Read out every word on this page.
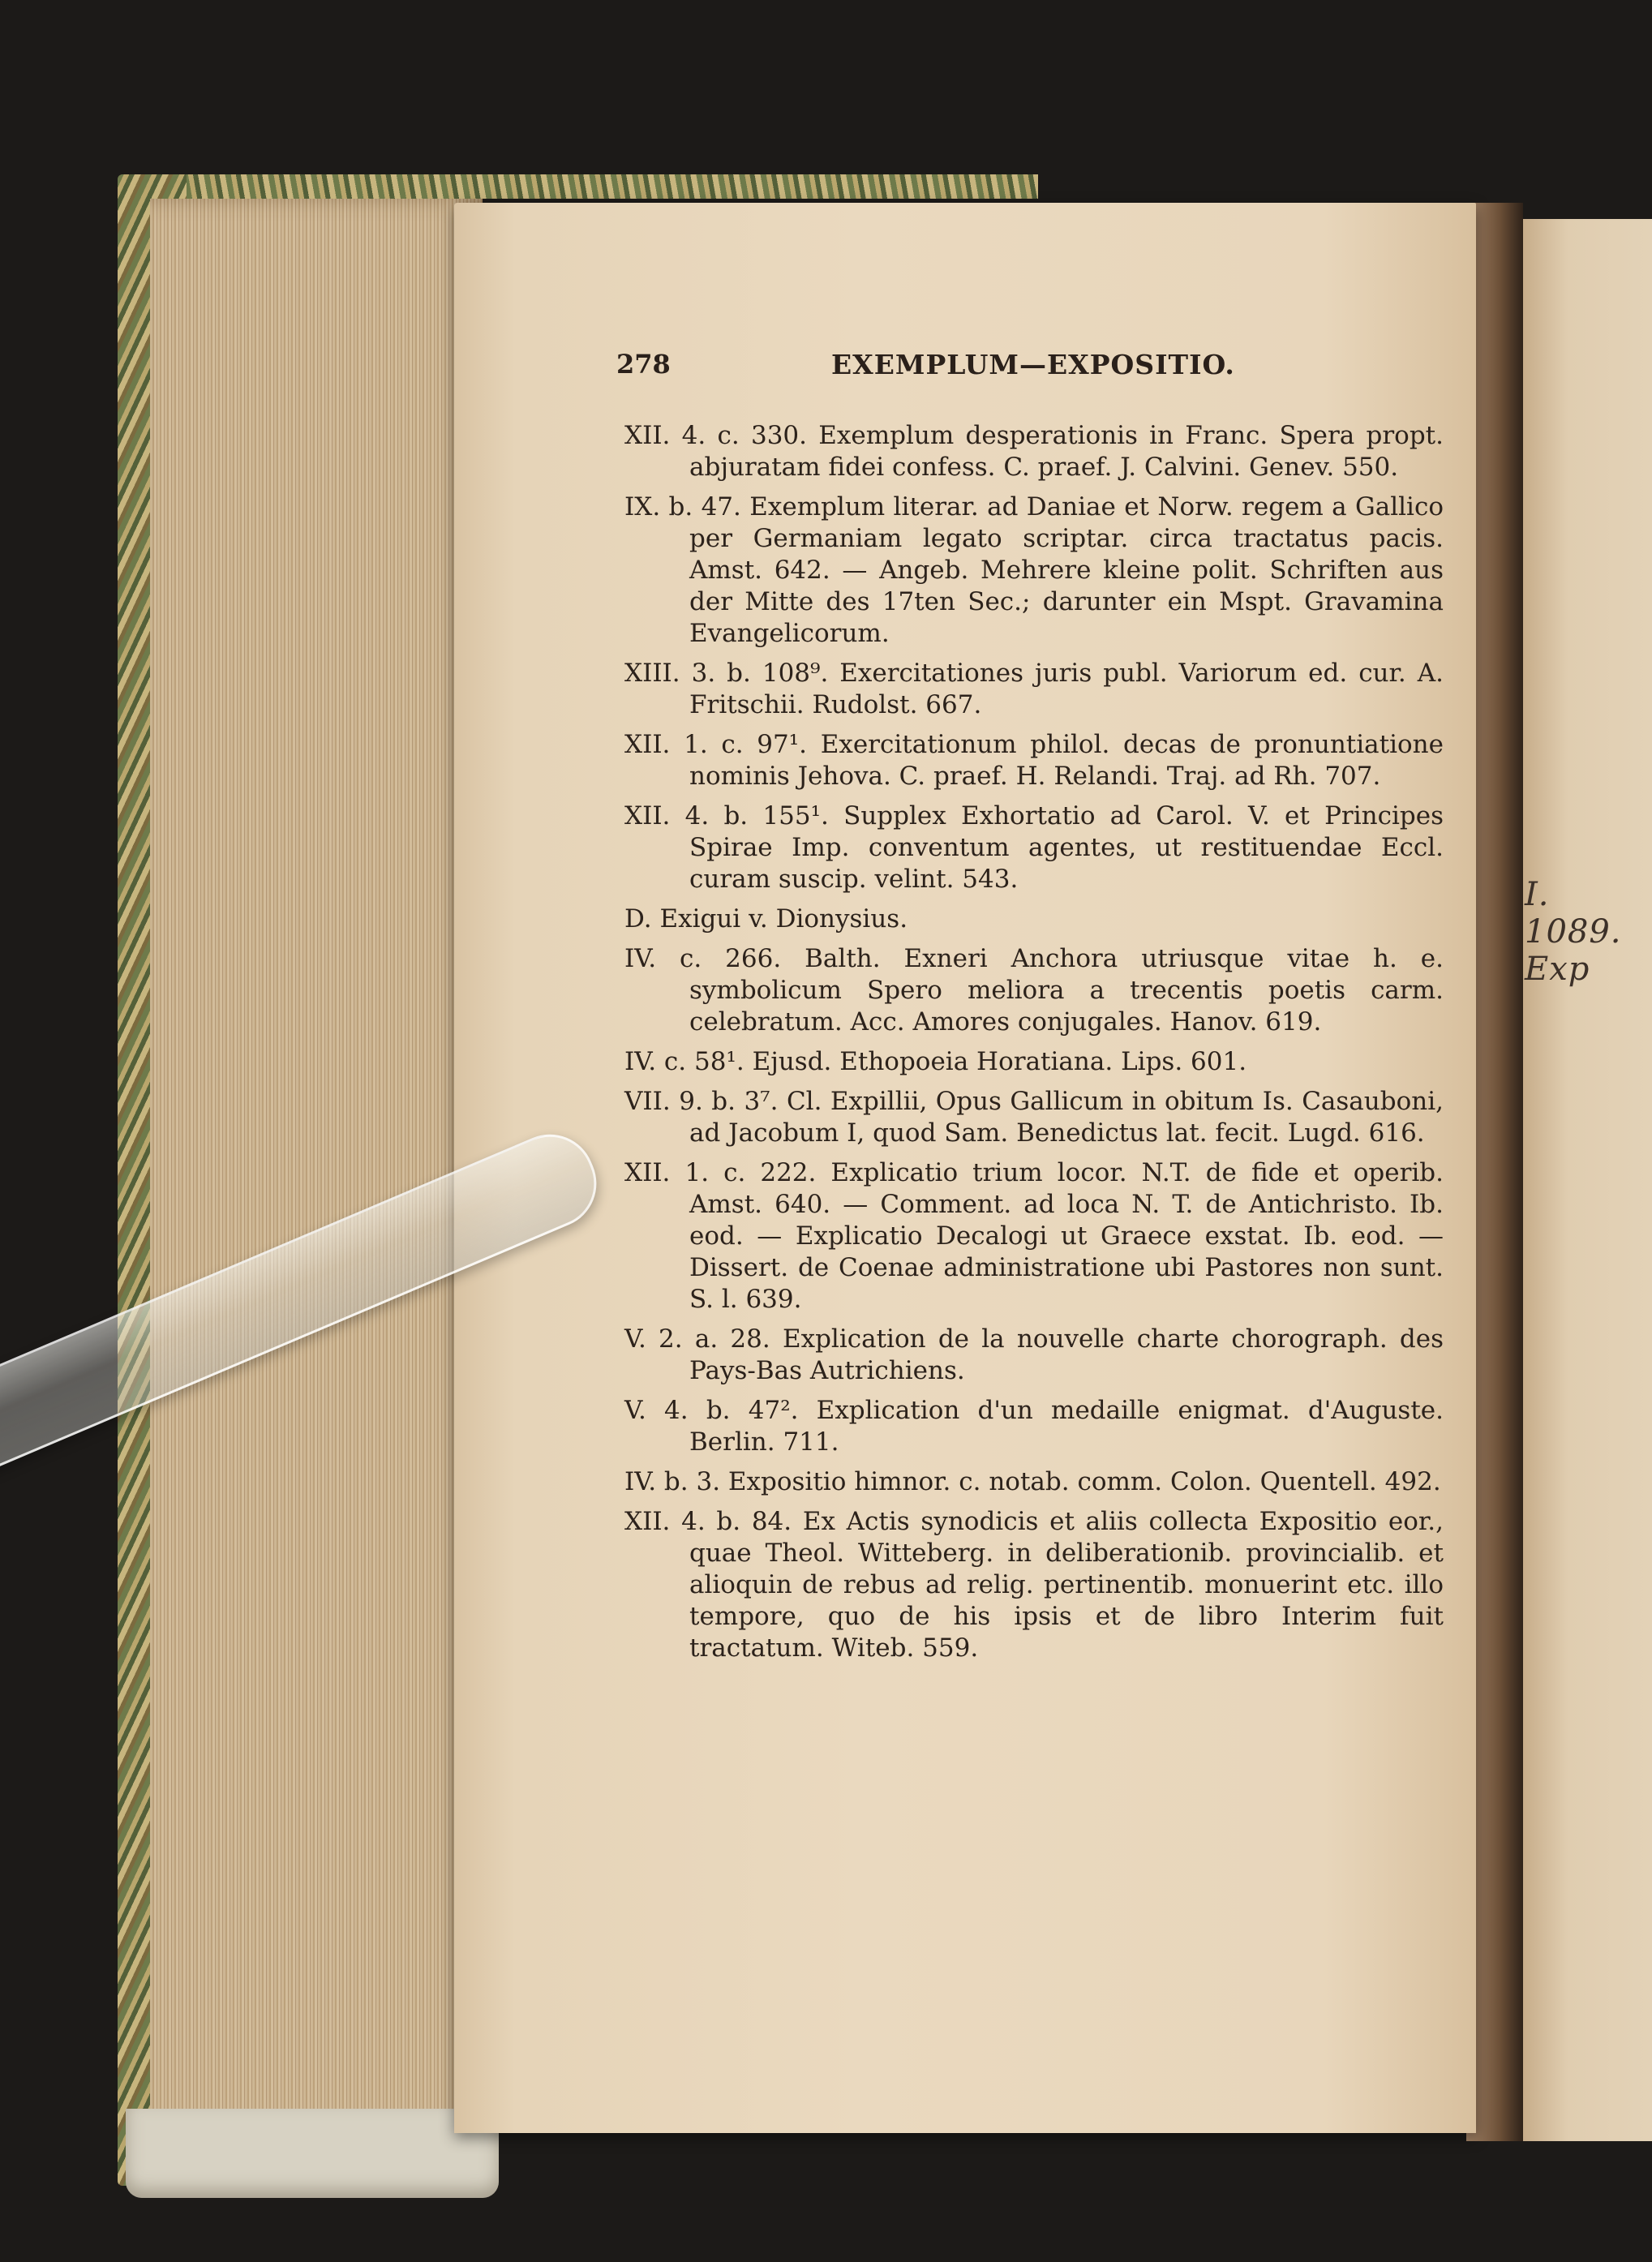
I. 1089. Exp
278	EXEMPLUM—EXPOSITIO.

XII. 4. c. 330. Exemplum desperationis in Franc. Spera propt. abjuratam fidei confess. C. praef. J. Calvini. Genev. 550.

IX. b. 47. Exemplum literar. ad Daniae et Norw. regem a Gallico per Germaniam legato scriptar. circa tractatus pacis. Amst. 642. — Angeb. Mehrere kleine polit. Schriften aus der Mitte des 17ten Sec.; darunter ein Mspt. Gravamina Evangelicorum.

XIII. 3. b. 108⁹. Exercitationes juris publ. Variorum ed. cur. A. Fritschii. Rudolst. 667.

XII. 1. c. 97¹. Exercitationum philol. decas de pronuntiatione nominis Jehova. C. praef. H. Relandi. Traj. ad Rh. 707.

XII. 4. b. 155¹. Supplex Exhortatio ad Carol. V. et Principes Spirae Imp. conventum agentes, ut restituendae Eccl. curam suscip. velint. 543.

D. Exigui v. Dionysius.

IV. c. 266. Balth. Exneri Anchora utriusque vitae h. e. symbolicum Spero meliora a trecentis poetis carm. celebratum. Acc. Amores conjugales. Hanov. 619.

IV. c. 58¹. Ejusd. Ethopoeia Horatiana. Lips. 601.

VII. 9. b. 3⁷. Cl. Expillii, Opus Gallicum in obitum Is. Casauboni, ad Jacobum I, quod Sam. Benedictus lat. fecit. Lugd. 616.

XII. 1. c. 222. Explicatio trium locor. N.T. de fide et operib. Amst. 640. — Comment. ad loca N. T. de Antichristo. Ib. eod. — Explicatio Decalogi ut Graece exstat. Ib. eod. — Dissert. de Coenae administratione ubi Pastores non sunt. S. l. 639.

V. 2. a. 28. Explication de la nouvelle charte chorograph. des Pays-Bas Autrichiens.

V. 4. b. 47². Explication d'un medaille enigmat. d'Auguste. Berlin. 711.

IV. b. 3. Expositio himnor. c. notab. comm. Colon. Quentell. 492.

XII. 4. b. 84. Ex Actis synodicis et aliis collecta Expositio eor., quae Theol. Witteberg. in deliberationib. provincialib. et alioquin de rebus ad relig. pertinentib. monuerint etc. illo tempore, quo de his ipsis et de libro Interim fuit tractatum. Witeb. 559.
